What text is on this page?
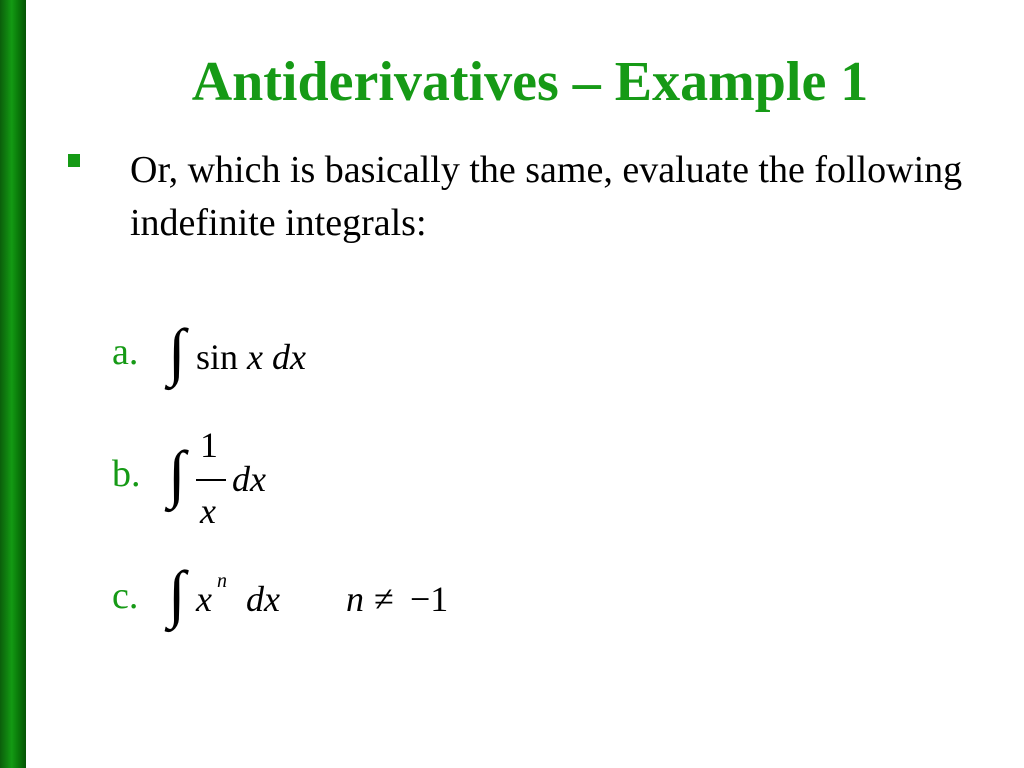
Antiderivatives – Example 1
Or, which is basically the same, evaluate the following indefinite integrals:
a. ∫ sin x dx
b. ∫ 1
x
dx
c. ∫ x n dx n ≠ −1
